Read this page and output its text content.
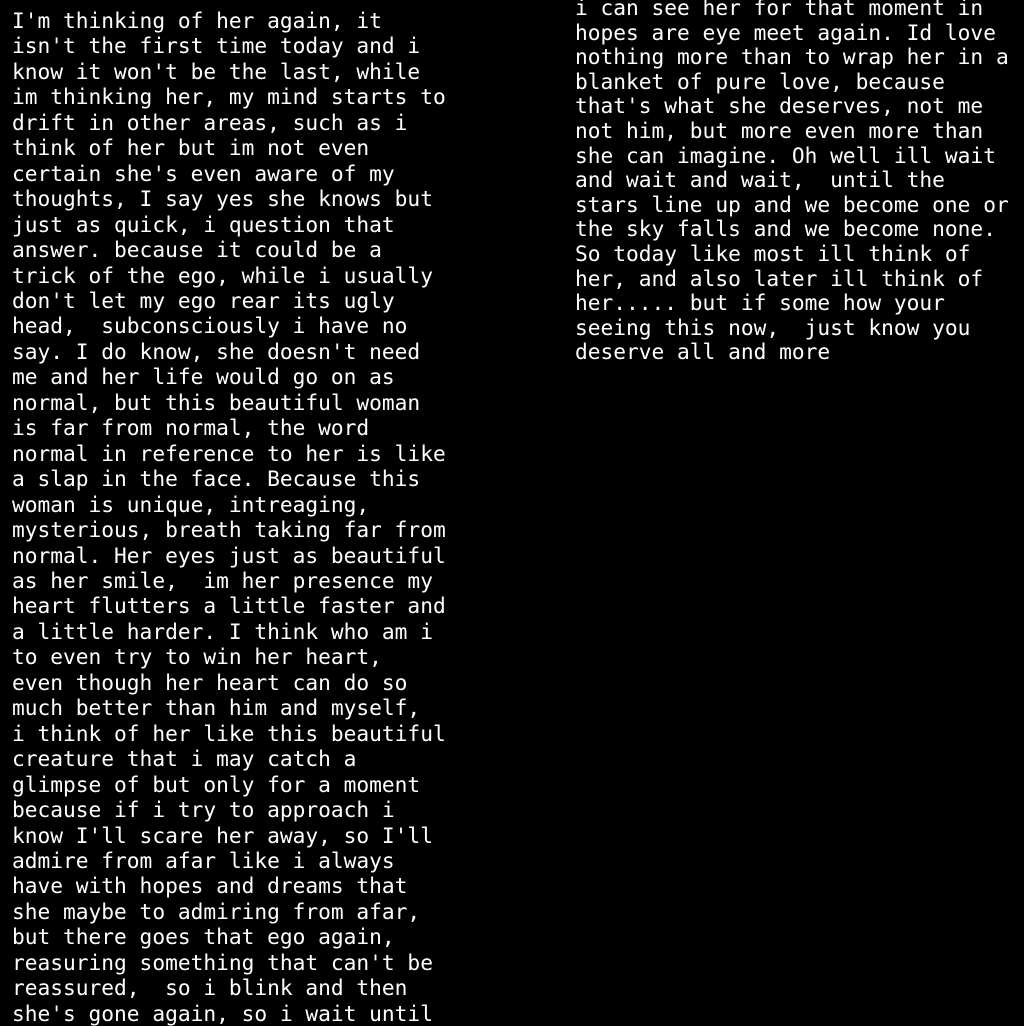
I'm thinking of her again, it
isn't the first time today and i
know it won't be the last, while
im thinking her, my mind starts to
drift in other areas, such as i
think of her but im not even
certain she's even aware of my
thoughts, I say yes she knows but
just as quick, i question that
answer. because it could be a
trick of the ego, while i usually
don't let my ego rear its ugly
head,  subconsciously i have no
say. I do know, she doesn't need
me and her life would go on as
normal, but this beautiful woman
is far from normal, the word
normal in reference to her is like
a slap in the face. Because this
woman is unique, intreaging,
mysterious, breath taking far from
normal. Her eyes just as beautiful
as her smile,  im her presence my
heart flutters a little faster and
a little harder. I think who am i
to even try to win her heart,
even though her heart can do so
much better than him and myself,
i think of her like this beautiful
creature that i may catch a
glimpse of but only for a moment
because if i try to approach i
know I'll scare her away, so I'll
admire from afar like i always
have with hopes and dreams that
she maybe to admiring from afar,
but there goes that ego again,
reasuring something that can't be
reassured,  so i blink and then
she's gone again, so i wait until
i can see her for that moment in
hopes are eye meet again. Id love
nothing more than to wrap her in a
blanket of pure love, because
that's what she deserves, not me
not him, but more even more than
she can imagine. Oh well ill wait
and wait and wait,  until the
stars line up and we become one or
the sky falls and we become none.
So today like most ill think of
her, and also later ill think of
her..... but if some how your
seeing this now,  just know you
deserve all and more
